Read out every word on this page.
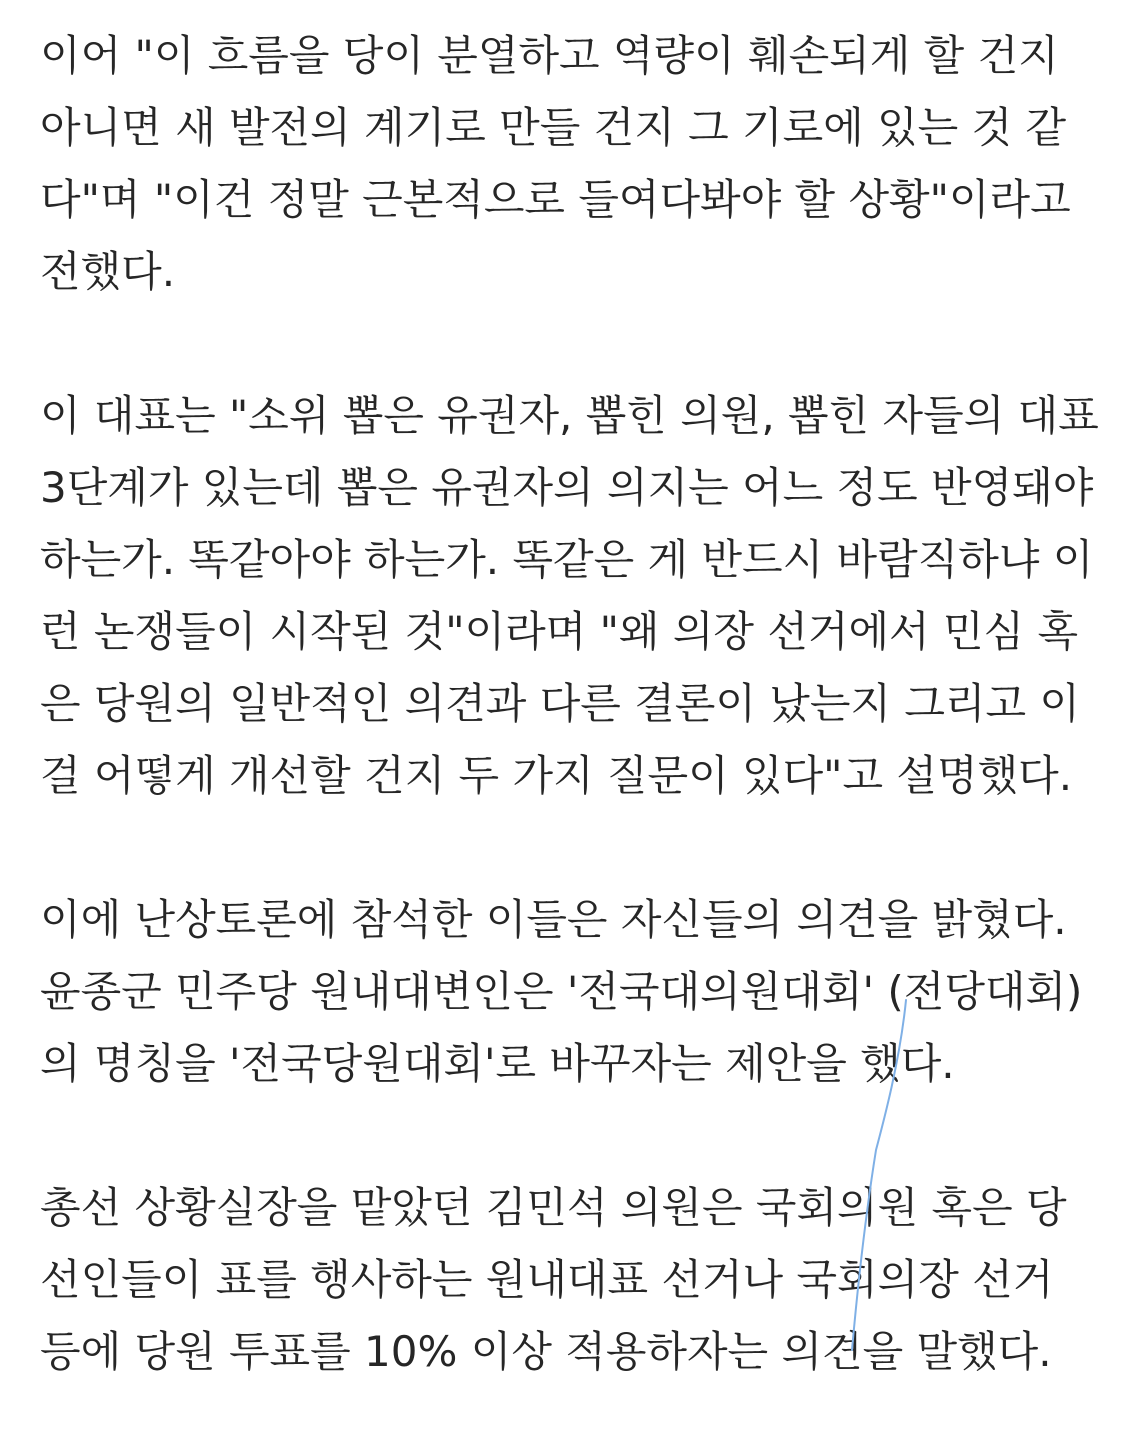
이어 "이 흐름을 당이 분열하고 역량이 훼손되게 할 건지
아니면 새 발전의 계기로 만들 건지 그 기로에 있는 것 같
다"며 "이건 정말 근본적으로 들여다봐야 할 상황"이라고
전했다.
이 대표는 "소위 뽑은 유권자, 뽑힌 의원, 뽑힌 자들의 대표
3단계가 있는데 뽑은 유권자의 의지는 어느 정도 반영돼야
하는가. 똑같아야 하는가. 똑같은 게 반드시 바람직하냐 이
런 논쟁들이 시작된 것"이라며 "왜 의장 선거에서 민심 혹
은 당원의 일반적인 의견과 다른 결론이 났는지 그리고 이
걸 어떻게 개선할 건지 두 가지 질문이 있다"고 설명했다.
이에 난상토론에 참석한 이들은 자신들의 의견을 밝혔다.
윤종군 민주당 원내대변인은 '전국대의원대회' (전당대회)
의 명칭을 '전국당원대회'로 바꾸자는 제안을 했다.
총선 상황실장을 맡았던 김민석 의원은 국회의원 혹은 당
선인들이 표를 행사하는 원내대표 선거나 국회의장 선거
등에 당원 투표를 10% 이상 적용하자는 의견을 말했다.
